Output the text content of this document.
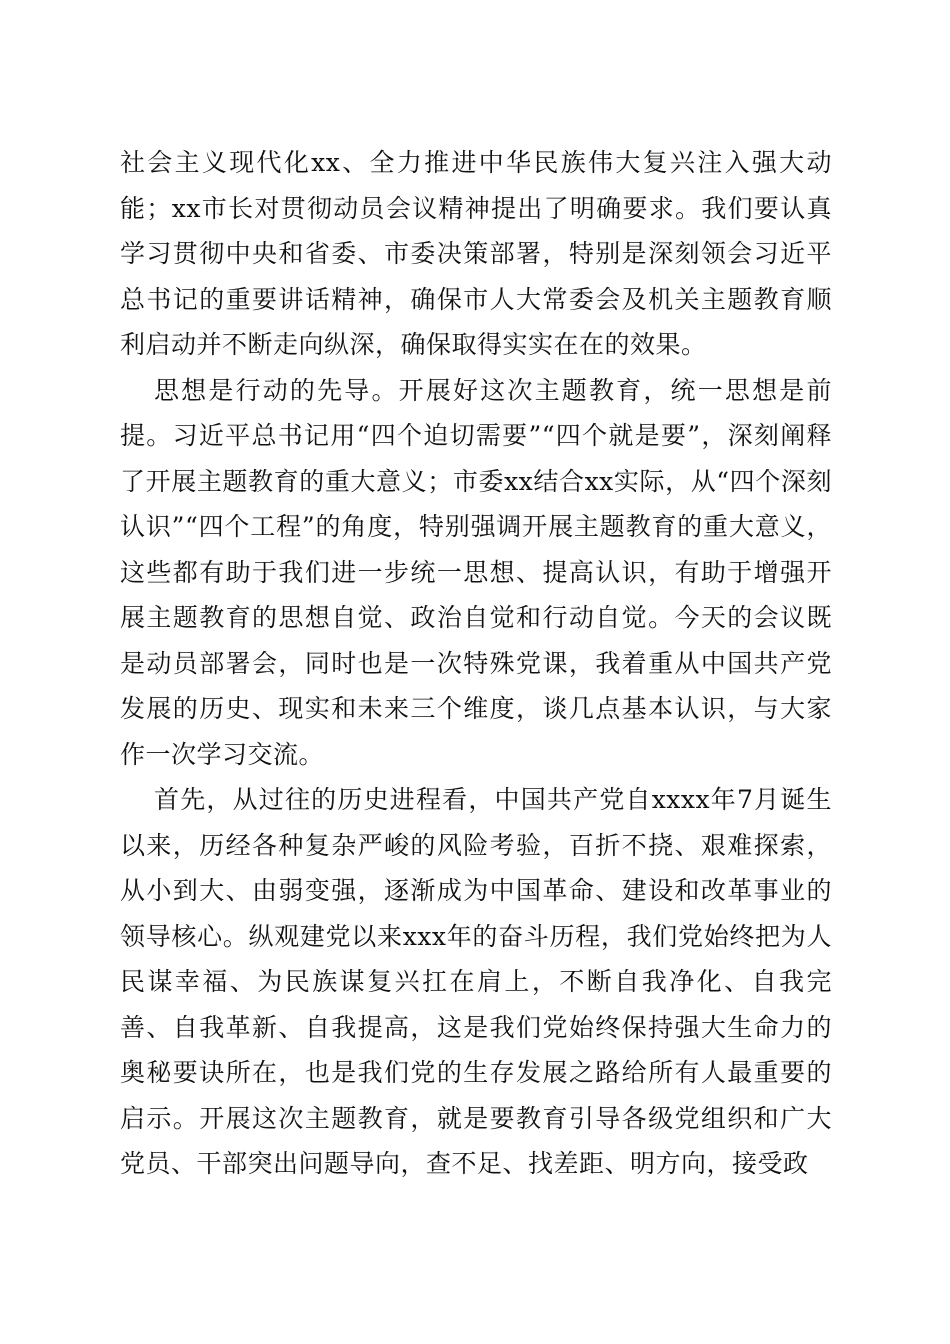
社会主义现代化xx、全力推进中华民族伟大复兴注入强大动能；xx市长对贯彻动员会议精神提出了明确要求。我们要认真学习贯彻中央和省委、市委决策部署，特别是深刻领会习近平总书记的重要讲话精神，确保市人大常委会及机关主题教育顺利启动并不断走向纵深，确保取得实实在在的效果。

思想是行动的先导。开展好这次主题教育，统一思想是前提。习近平总书记用“四个迫切需要”“四个就是要”，深刻阐释了开展主题教育的重大意义；市委xx结合xx实际，从“四个深刻认识”“四个工程”的角度，特别强调开展主题教育的重大意义，这些都有助于我们进一步统一思想、提高认识，有助于增强开展主题教育的思想自觉、政治自觉和行动自觉。今天的会议既是动员部署会，同时也是一次特殊党课，我着重从中国共产党发展的历史、现实和未来三个维度，谈几点基本认识，与大家作一次学习交流。

首先，从过往的历史进程看，中国共产党自xxxx年7月诞生以来，历经各种复杂严峻的风险考验，百折不挠、艰难探索，从小到大、由弱变强，逐渐成为中国革命、建设和改革事业的领导核心。纵观建党以来xxx年的奋斗历程，我们党始终把为人民谋幸福、为民族谋复兴扛在肩上，不断自我净化、自我完善、自我革新、自我提高，这是我们党始终保持强大生命力的奥秘要诀所在，也是我们党的生存发展之路给所有人最重要的启示。开展这次主题教育，就是要教育引导各级党组织和广大党员、干部突出问题导向，查不足、找差距、明方向，接受政
